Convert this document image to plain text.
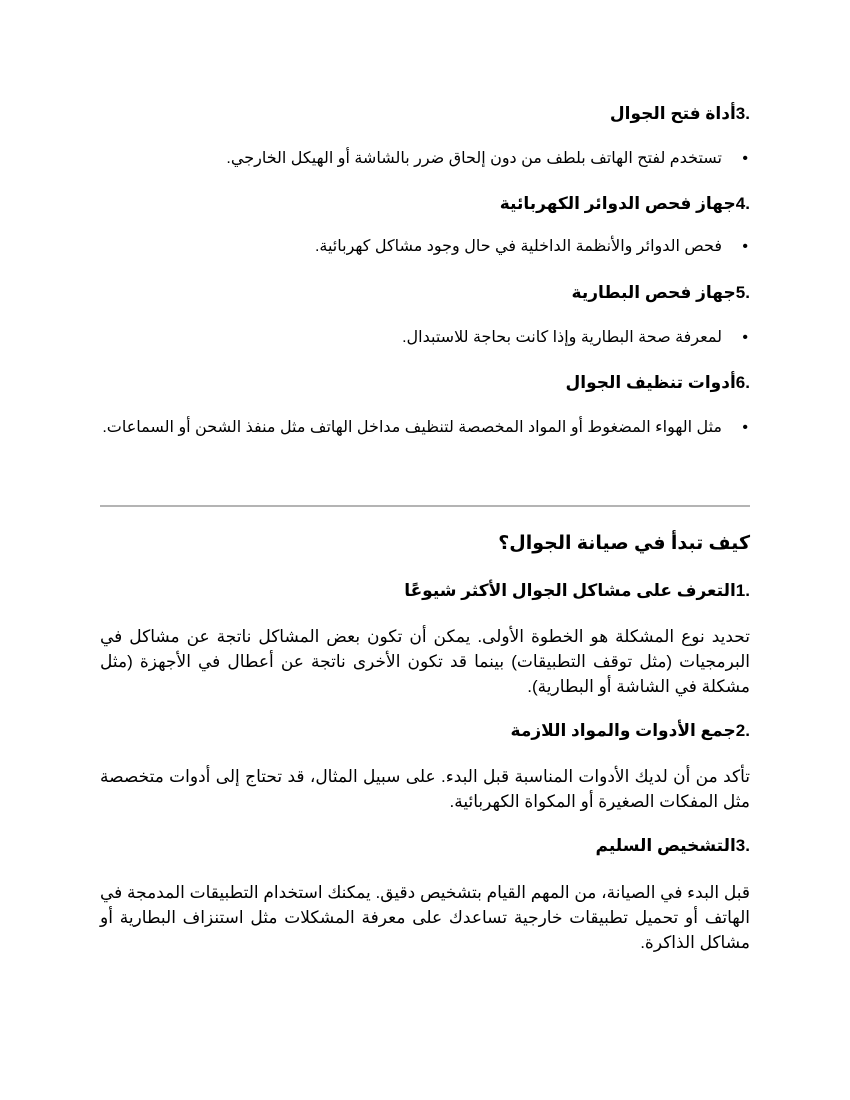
.3أداة فتح الجوال
•
تستخدم لفتح الهاتف بلطف من دون إلحاق ضرر بالشاشة أو الهيكل الخارجي.
.4جهاز فحص الدوائر الكهربائية
•
فحص الدوائر والأنظمة الداخلية في حال وجود مشاكل كهربائية.
.5جهاز فحص البطارية
•
لمعرفة صحة البطارية وإذا كانت بحاجة للاستبدال.
.6أدوات تنظيف الجوال
•
مثل الهواء المضغوط أو المواد المخصصة لتنظيف مداخل الهاتف مثل منفذ الشحن أو السماعات.
كيف تبدأ في صيانة الجوال؟
.1التعرف على مشاكل الجوال الأكثر شيوعًا
تحديد نوع المشكلة هو الخطوة الأولى. يمكن أن تكون بعض المشاكل ناتجة عن مشاكل في البرمجيات (مثل توقف التطبيقات) بينما قد تكون الأخرى ناتجة عن أعطال في الأجهزة (مثل مشكلة في الشاشة أو البطارية).
.2جمع الأدوات والمواد اللازمة
تأكد من أن لديك الأدوات المناسبة قبل البدء. على سبيل المثال، قد تحتاج إلى أدوات متخصصة مثل المفكات الصغيرة أو المكواة الكهربائية.
.3التشخيص السليم
قبل البدء في الصيانة، من المهم القيام بتشخيص دقيق. يمكنك استخدام التطبيقات المدمجة في الهاتف أو تحميل تطبيقات خارجية تساعدك على معرفة المشكلات مثل استنزاف البطارية أو مشاكل الذاكرة.
